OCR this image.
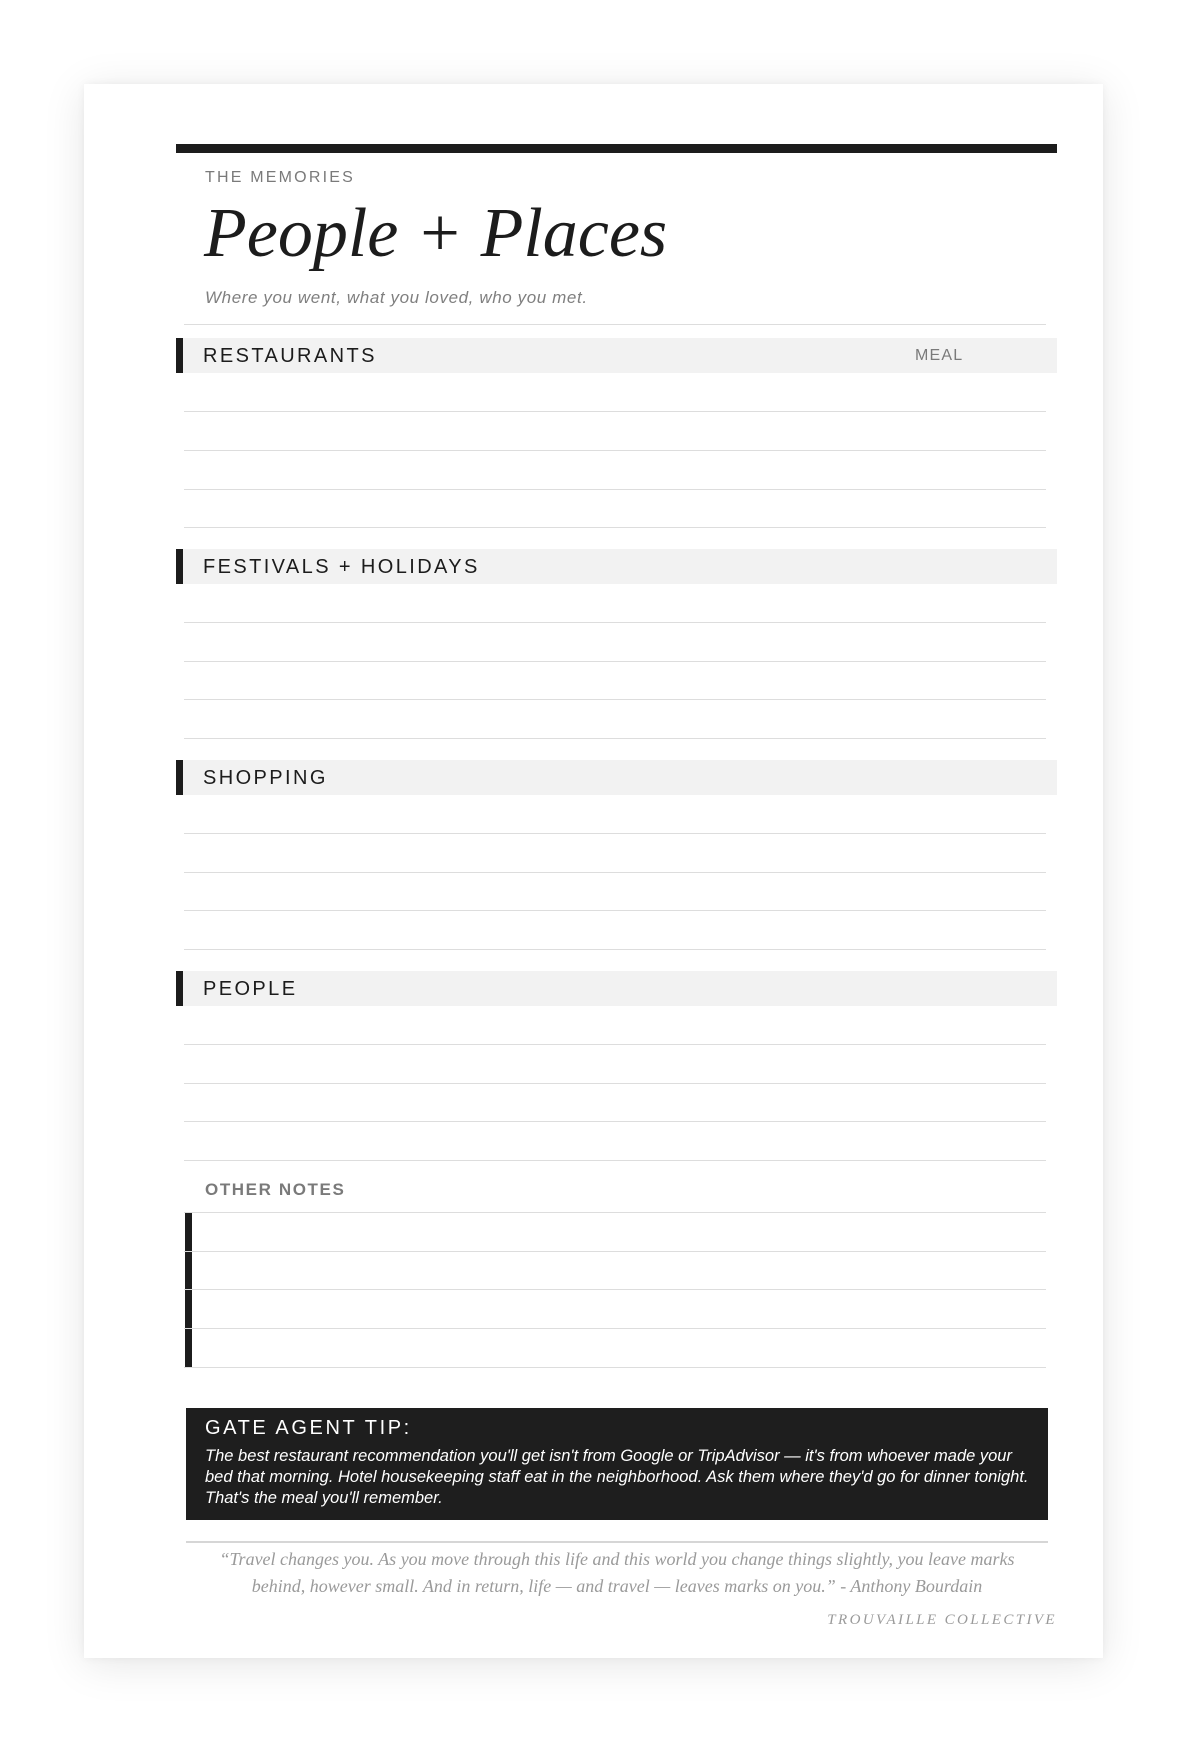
THE MEMORIES
People + Places
Where you went, what you loved, who you met.
RESTAURANTS	MEAL
FESTIVALS + HOLIDAYS
SHOPPING
PEOPLE
OTHER NOTES
GATE AGENT TIP:
The best restaurant recommendation you'll get isn't from Google or TripAdvisor — it's from whoever made your bed that morning. Hotel housekeeping staff eat in the neighborhood. Ask them where they'd go for dinner tonight. That's the meal you'll remember.
“Travel changes you. As you move through this life and this world you change things slightly, you leave marks behind, however small. And in return, life — and travel — leaves marks on you.” - Anthony Bourdain
TROUVAILLE COLLECTIVE
